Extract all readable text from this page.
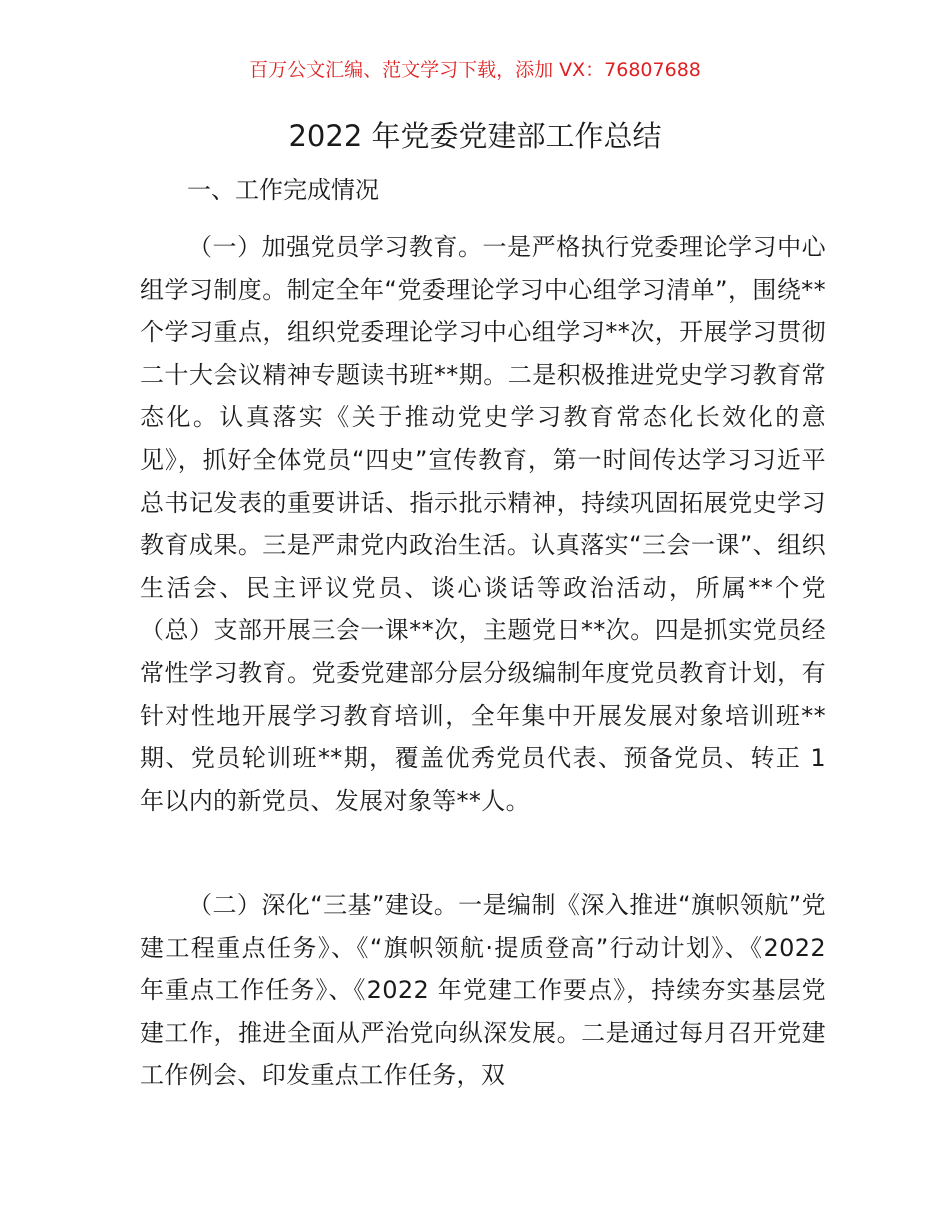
百万公文汇编、范文学习下载，添加 VX：76807688
2022 年党委党建部工作总结
一、工作完成情况

（一）加强党员学习教育。一是严格执行党委理论学习中心组学习制度。制定全年“党委理论学习中心组学习清单”，围绕**个学习重点，组织党委理论学习中心组学习**次，开展学习贯彻二十大会议精神专题读书班**期。二是积极推进党史学习教育常态化。认真落实《关于推动党史学习教育常态化长效化的意见》，抓好全体党员“四史”宣传教育，第一时间传达学习习近平总书记发表的重要讲话、指示批示精神，持续巩固拓展党史学习教育成果。三是严肃党内政治生活。认真落实“三会一课”、组织生活会、民主评议党员、谈心谈话等政治活动，所属**个党（总）支部开展三会一课**次，主题党日**次。四是抓实党员经常性学习教育。党委党建部分层分级编制年度党员教育计划，有针对性地开展学习教育培训，全年集中开展发展对象培训班**期、党员轮训班**期，覆盖优秀党员代表、预备党员、转正 1 年以内的新党员、发展对象等**人。

（二）深化“三基”建设。一是编制《深入推进“旗帜领航”党建工程重点任务》、《“旗帜领航·提质登高”行动计划》、《2022 年重点工作任务》、《2022 年党建工作要点》，持续夯实基层党建工作，推进全面从严治党向纵深发展。二是通过每月召开党建工作例会、印发重点工作任务，双
